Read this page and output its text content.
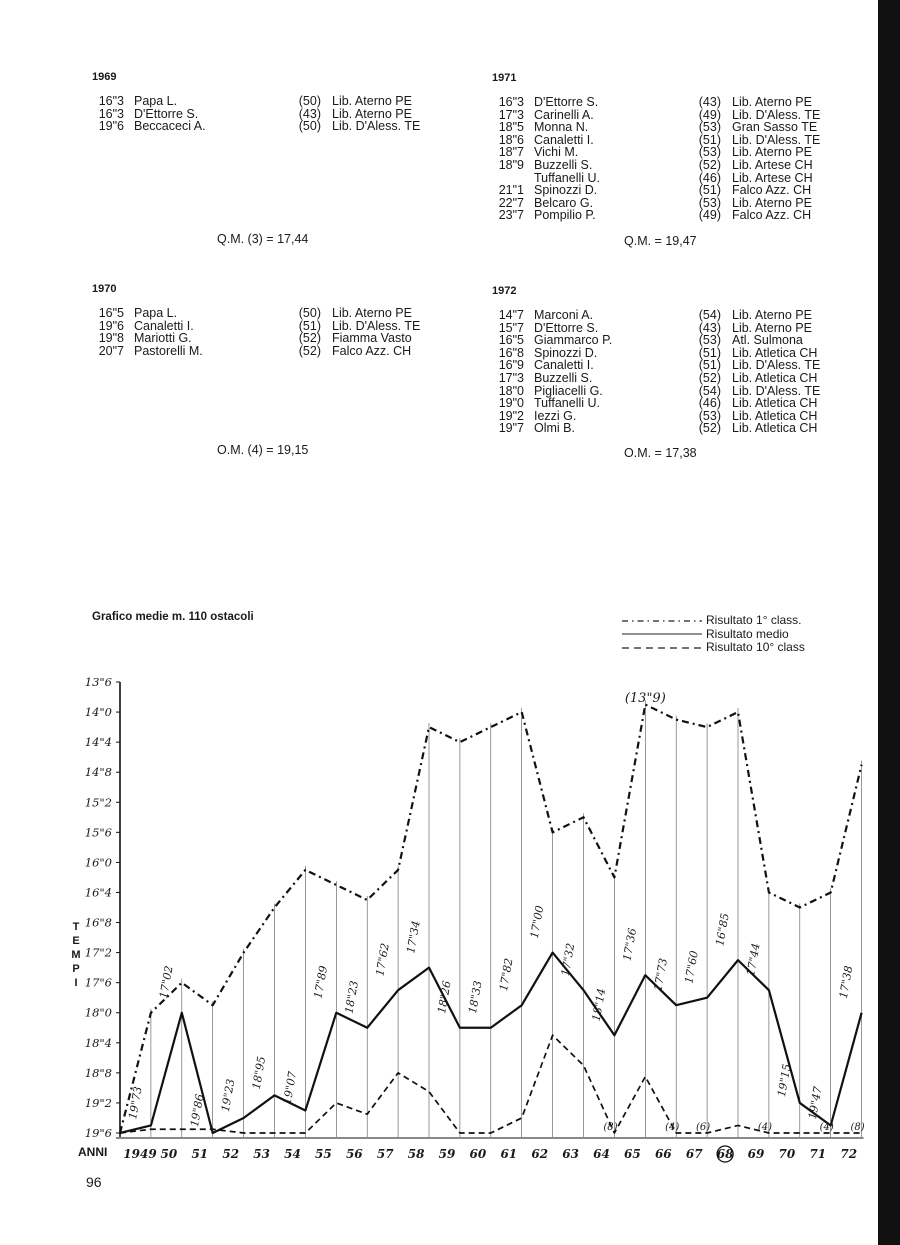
1969
16"3 Papa L.	(50) Lib. Aterno PE
16"3 D'Ettorre S.	(43) Lib. Aterno PE
19"6 Beccaceci A.	(50) Lib. D'Aless. TE
Q.M. (3) = 17,44
1971
16"3 D'Ettorre S.	(43) Lib. Aterno PE
17"3 Carinelli A.	(49) Lib. D'Aless. TE
18"5 Monna N.	(53) Gran Sasso TE
18"6 Canaletti I.	(51) Lib. D'Aless. TE
18"7 Vichi M.	(53) Lib. Aterno PE
18"9 Buzzelli S.	(52) Lib. Artese CH
Tuffanelli U.	(46) Lib. Artese CH
21"1 Spinozzi D.	(51) Falco Azz. CH
22"7 Belcaro G.	(53) Lib. Aterno PE
23"7 Pompilio P.	(49) Falco Azz. CH
Q.M. = 19,47
1970
16"5 Papa L.	(50) Lib. Aterno PE
19"6 Canaletti I.	(51) Lib. D'Aless. TE
19"8 Mariotti G.	(52) Fiamma Vasto
20"7 Pastorelli M.	(52) Falco Azz. CH
O.M. (4) = 19,15
1972
14"7 Marconi A.	(54) Lib. Aterno PE
15"7 D'Ettorre S.	(43) Lib. Aterno PE
16"5 Giammarco P.	(53) Atl. Sulmona
16"8 Spinozzi D.	(51) Lib. Atletica CH
16"9 Canaletti I.	(51) Lib. D'Aless. TE
17"3 Buzzelli S.	(52) Lib. Atletica CH
18"0 Pigliacelli G.	(54) Lib. D'Aless. TE
19"0 Tuffanelli U.	(46) Lib. Atletica CH
19"2 Iezzi G.	(53) Lib. Atletica CH
19"7 Olmi B.	(52) Lib. Atletica CH
O.M. = 17,38
Grafico medie m. 110 ostacoli	Risultato 1° class.
Risultato medio
Risultato 10° class
13"6
14"0
14"4
14"8
15"2
15"6
16"0
16"4
16"8
17"2
17"6
18"0
18"4
18"8
19"2
19"6
T
E
M
P
I
ANNI 1949 50 51 52 53 54 55 56 57 58 59 60 61 62 63 64 65 66 67 68 69 70 71 72
19"73
17"02
19"86 19"23
18"95 19"07
17"89 18"23
17"62
17"34
18"26 18"33
17"82
17"00
17"32
18"14
17"36
17"73 17"60
16"85
17"44
19"15
19"47
17"38
(13"9)
(8)	(4) (6)	(4)	(4) (8)
96
